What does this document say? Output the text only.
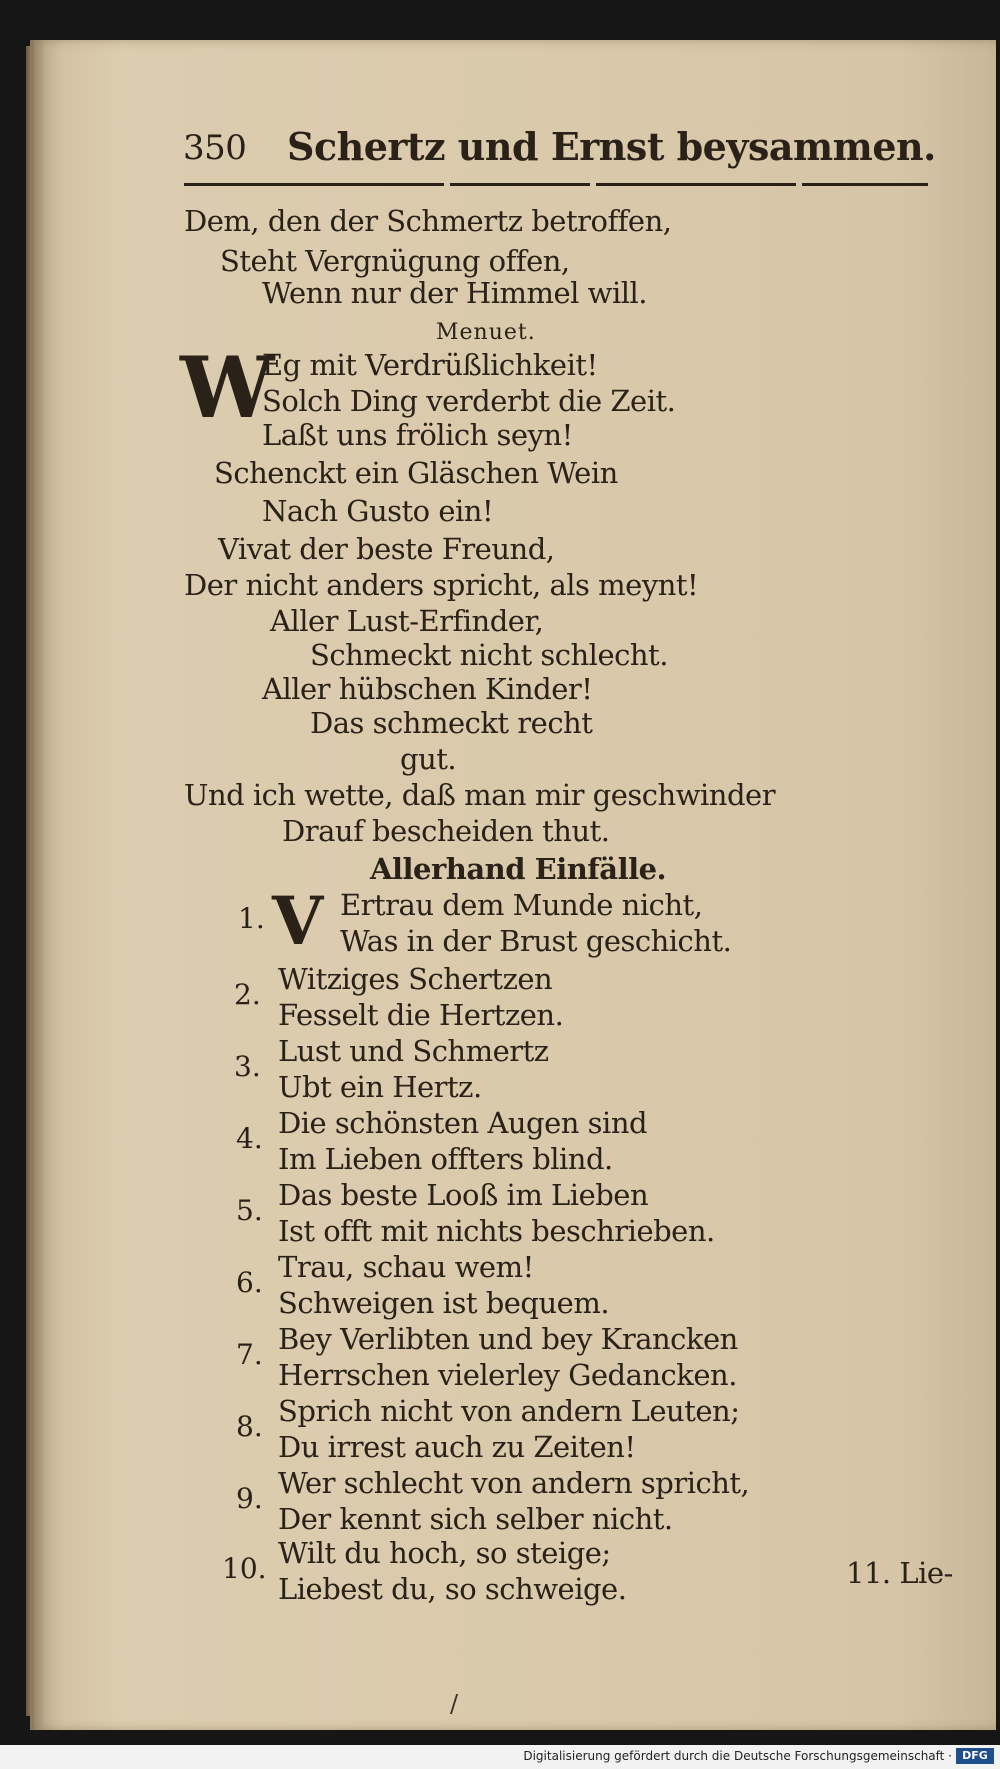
350 Schertz und Ernst beysammen.
Dem, den der Schmertz betroffen,
Steht Vergnügung offen,
Wenn nur der Himmel will.
Menuet.
W
Eg mit Verdrüßlichkeit!
Solch Ding verderbt die Zeit.
Laßt uns frölich seyn!
Schenckt ein Gläschen Wein
Nach Gusto ein!
Vivat der beste Freund,
Der nicht anders spricht, als meynt!
Aller Lust-Erfinder,
Schmeckt nicht schlecht.
Aller hübschen Kinder!
Das schmeckt recht
gut.
Und ich wette, daß man mir geschwinder
Drauf bescheiden thut.
Allerhand Einfälle.
V
1.	Ertrau dem Munde nicht,
Was in der Brust geschicht.
2. Witziges Schertzen
Fesselt die Hertzen.
3. Lust und Schmertz
Ubt ein Hertz.
4. Die schönsten Augen sind
Im Lieben offters blind.
5. Das beste Looß im Lieben
Ist offt mit nichts beschrieben.
6. Trau, schau wem!
Schweigen ist bequem.
7. Bey Verlibten und bey Krancken
Herrschen vielerley Gedancken.
8. Sprich nicht von andern Leuten;
Du irrest auch zu Zeiten!
9. Wer schlecht von andern spricht,
Der kennt sich selber nicht.
10. Wilt du hoch, so steige;
Liebest du, so schweige.	11. Lie-
/
Digitalisierung gefördert durch die Deutsche Forschungsgemeinschaft · DFG
